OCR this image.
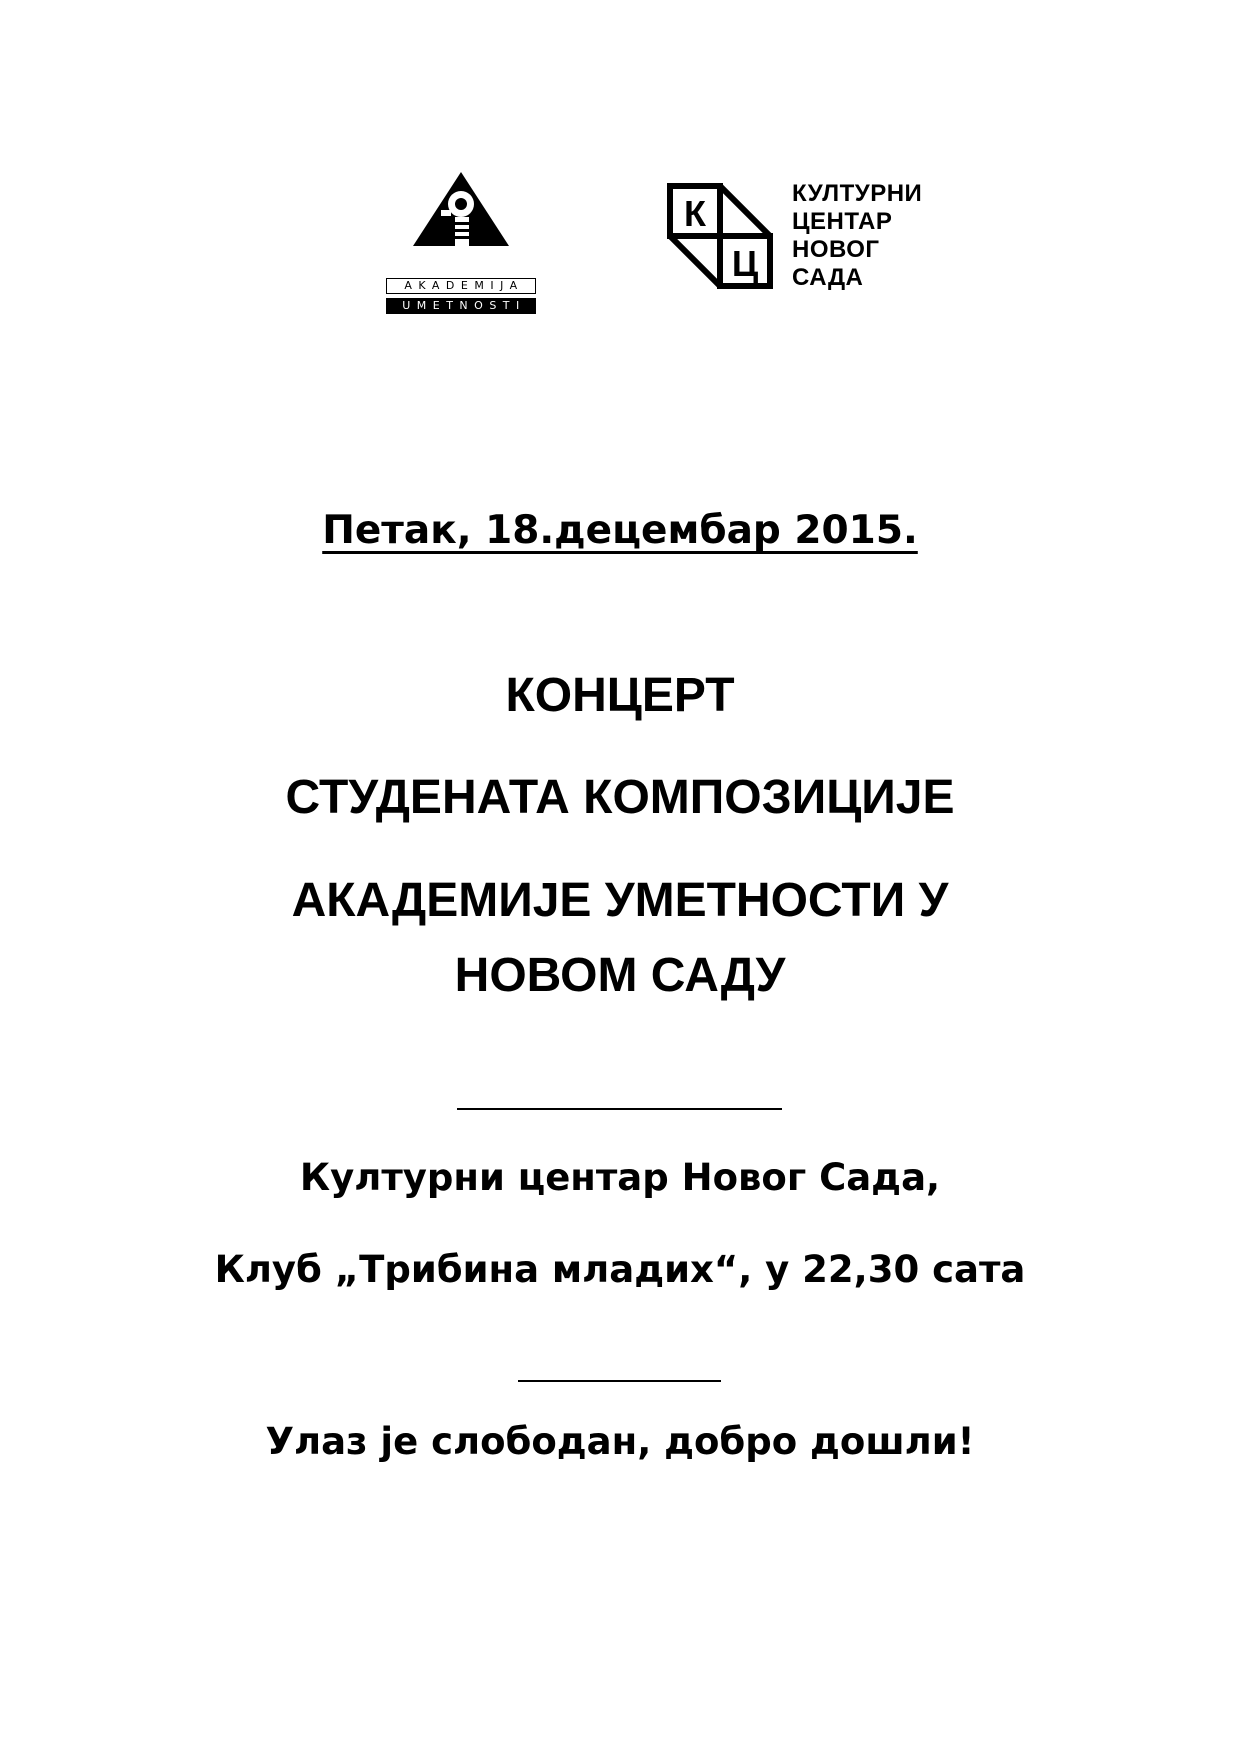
AKADEMIJA
UMETNOSTI
К
Ц
КУЛТУРНИ
ЦЕНТАР
НОВОГ
САДА
Петак, 18.децембар 2015.
КОНЦЕРТ
СТУДЕНАТА КОМПОЗИЦИЈЕ
АКАДЕМИЈЕ УМЕТНОСТИ У
НОВОМ САДУ
Културни центар Новог Сада,
Клуб „Трибина младих“, у 22,30 сата
Улаз је слободан, добро дошли!
